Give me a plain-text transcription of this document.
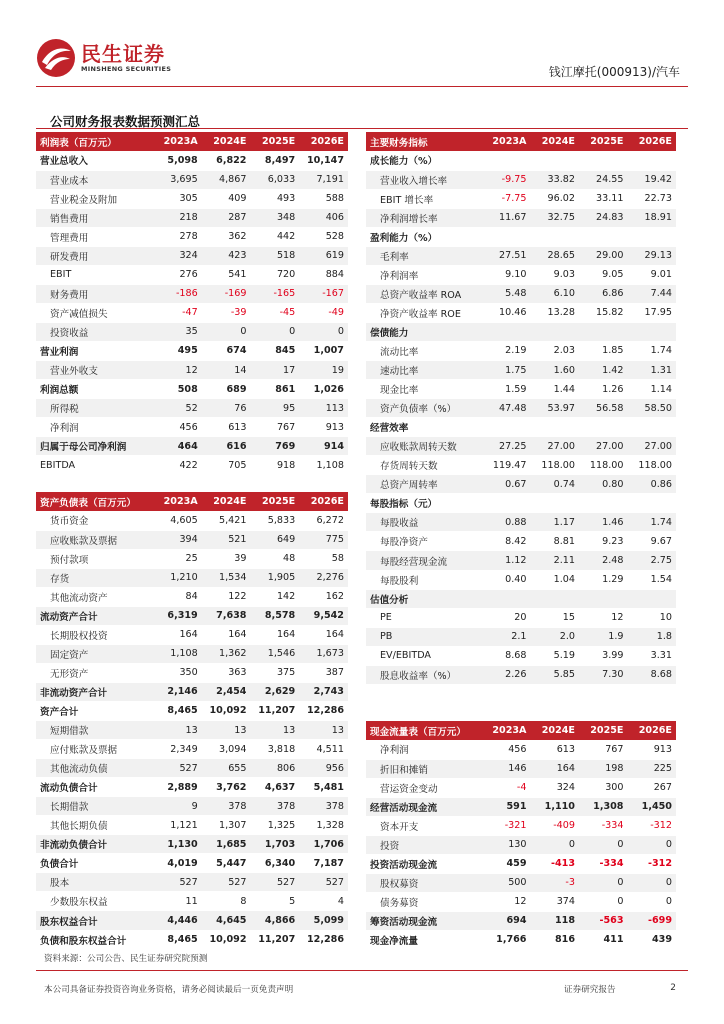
民生证券
MINSHENG SECURITIES	钱江摩托(000913)/汽车
公司财务报表数据预测汇总
利润表（百万元）	2023A	2024E	2025E	2026E
营业总收入	5,098	6,822	8,497	10,147
营业成本	3,695	4,867	6,033	7,191
营业税金及附加	305	409	493	588
销售费用	218	287	348	406
管理费用	278	362	442	528
研发费用	324	423	518	619
EBIT	276	541	720	884
财务费用	-186	-169	-165	-167
资产减值损失	-47	-39	-45	-49
投资收益	35	0	0	0
营业利润	495	674	845	1,007
营业外收支	12	14	17	19
利润总额	508	689	861	1,026
所得税	52	76	95	113
净利润	456	613	767	913
归属于母公司净利润	464	616	769	914
EBITDA	422	705	918	1,108
资产负债表（百万元）	2023A	2024E	2025E	2026E
货币资金	4,605	5,421	5,833	6,272
应收账款及票据	394	521	649	775
预付款项	25	39	48	58
存货	1,210	1,534	1,905	2,276
其他流动资产	84	122	142	162
流动资产合计	6,319	7,638	8,578	9,542
长期股权投资	164	164	164	164
固定资产	1,108	1,362	1,546	1,673
无形资产	350	363	375	387
非流动资产合计	2,146	2,454	2,629	2,743
资产合计	8,465	10,092	11,207	12,286
短期借款	13	13	13	13
应付账款及票据	2,349	3,094	3,818	4,511
其他流动负债	527	655	806	956
流动负债合计	2,889	3,762	4,637	5,481
长期借款	9	378	378	378
其他长期负债	1,121	1,307	1,325	1,328
非流动负债合计	1,130	1,685	1,703	1,706
负债合计	4,019	5,447	6,340	7,187
股本	527	527	527	527
少数股东权益	11	8	5	4
股东权益合计	4,446	4,645	4,866	5,099
负债和股东权益合计	8,465	10,092	11,207	12,286
主要财务指标	2023A	2024E	2025E	2026E
成长能力（%）				
营业收入增长率	-9.75	33.82	24.55	19.42
EBIT 增长率	-7.75	96.02	33.11	22.73
净利润增长率	11.67	32.75	24.83	18.91
盈利能力（%）				
毛利率	27.51	28.65	29.00	29.13
净利润率	9.10	9.03	9.05	9.01
总资产收益率 ROA	5.48	6.10	6.86	7.44
净资产收益率 ROE	10.46	13.28	15.82	17.95
偿债能力				
流动比率	2.19	2.03	1.85	1.74
速动比率	1.75	1.60	1.42	1.31
现金比率	1.59	1.44	1.26	1.14
资产负债率（%）	47.48	53.97	56.58	58.50
经营效率				
应收账款周转天数	27.25	27.00	27.00	27.00
存货周转天数	119.47	118.00	118.00	118.00
总资产周转率	0.67	0.74	0.80	0.86
每股指标（元）				
每股收益	0.88	1.17	1.46	1.74
每股净资产	8.42	8.81	9.23	9.67
每股经营现金流	1.12	2.11	2.48	2.75
每股股利	0.40	1.04	1.29	1.54
估值分析				
PE	20	15	12	10
PB	2.1	2.0	1.9	1.8
EV/EBITDA	8.68	5.19	3.99	3.31
股息收益率（%）	2.26	5.85	7.30	8.68
现金流量表（百万元）	2023A	2024E	2025E	2026E
净利润	456	613	767	913
折旧和摊销	146	164	198	225
营运资金变动	-4	324	300	267
经营活动现金流	591	1,110	1,308	1,450
资本开支	-321	-409	-334	-312
投资	130	0	0	0
投资活动现金流	459	-413	-334	-312
股权募资	500	-3	0	0
债务募资	12	374	0	0
筹资活动现金流	694	118	-563	-699
现金净流量	1,766	816	411	439
资料来源：公司公告、民生证券研究院预测
本公司具备证券投资咨询业务资格，请务必阅读最后一页免责声明	证券研究报告	2
